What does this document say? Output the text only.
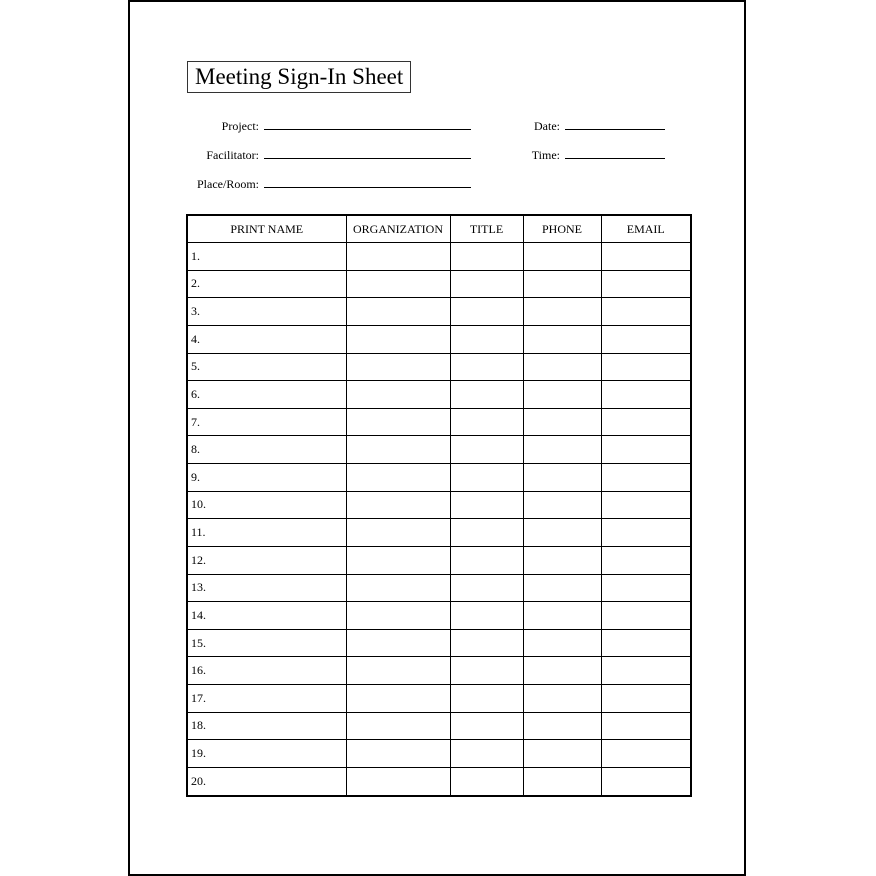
Meeting Sign-In Sheet
Project:
Facilitator:
Place/Room:
Date:
Time:
PRINT NAME	ORGANIZATION	TITLE	PHONE	EMAIL
1.				
2.				
3.				
4.				
5.				
6.				
7.				
8.				
9.				
10.				
11.				
12.				
13.				
14.				
15.				
16.				
17.				
18.				
19.				
20.				
